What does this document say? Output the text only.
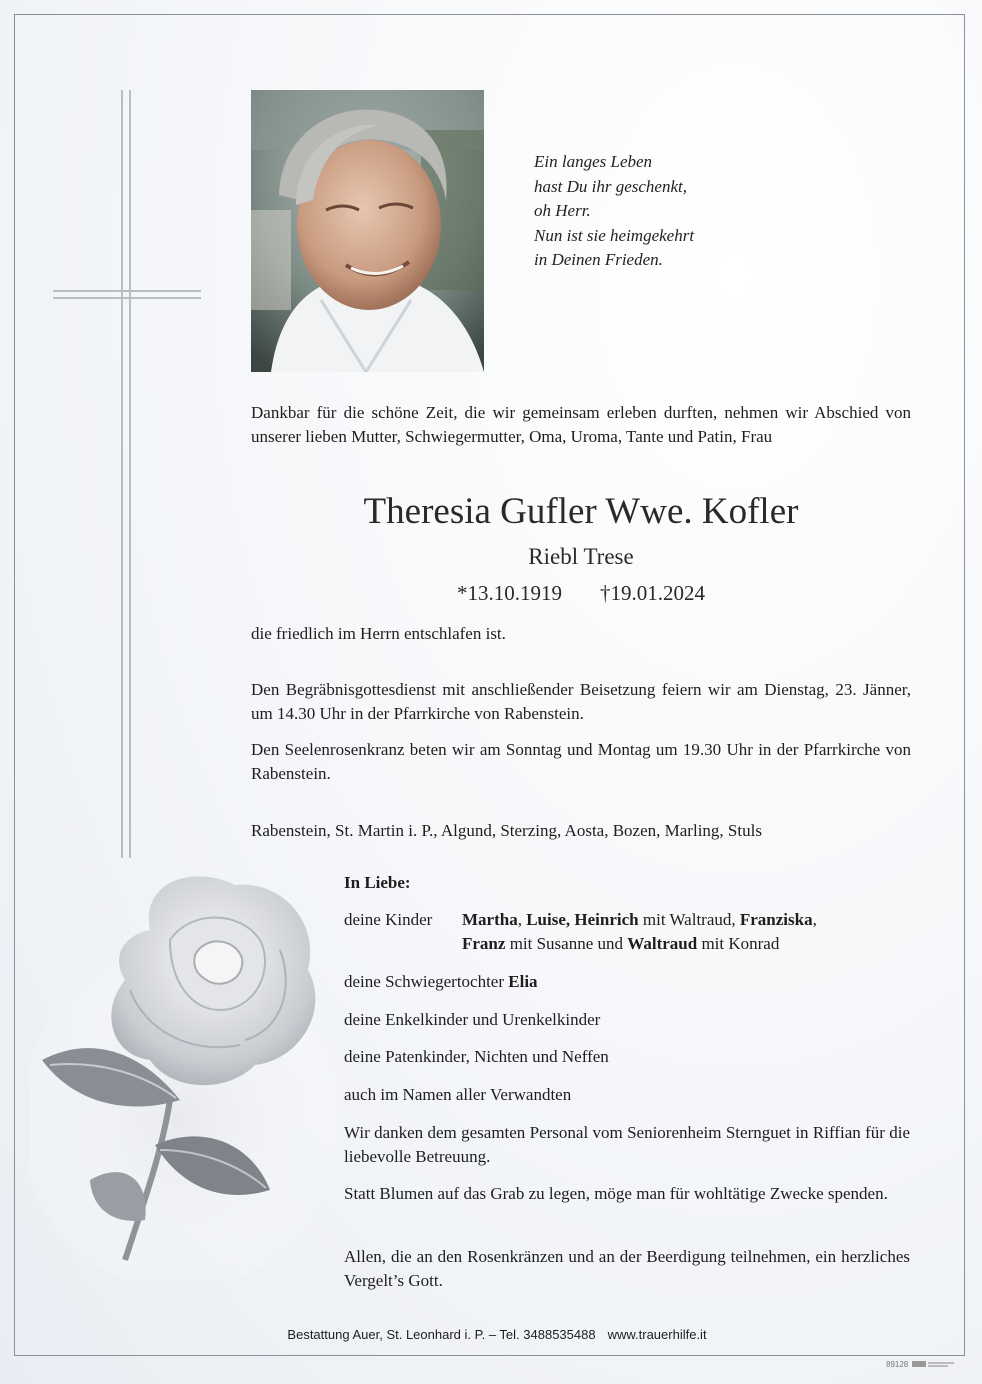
Ein langes Leben
hast Du ihr geschenkt,
oh Herr.
Nun ist sie heimgekehrt
in Deinen Frieden.
Dankbar für die schöne Zeit, die wir gemeinsam erleben durften, nehmen wir Abschied von unserer lieben Mutter, Schwiegermutter, Oma, Uroma, Tante und Patin, Frau
Theresia Gufler Wwe. Kofler
Riebl Trese
*13.10.1919 †19.01.2024
die friedlich im Herrn entschlafen ist.
Den Begräbnisgottesdienst mit anschließender Beisetzung feiern wir am Dienstag, 23. Jänner, um 14.30 Uhr in der Pfarrkirche von Rabenstein.
Den Seelenrosenkranz beten wir am Sonntag und Montag um 19.30 Uhr in der Pfarrkirche von Rabenstein.
Rabenstein, St. Martin i. P., Algund, Sterzing, Aosta, Bozen, Marling, Stuls
In Liebe:
deine Kinder Martha, Luise, Heinrich mit Waltraud, Franziska,
Franz mit Susanne und Waltraud mit Konrad
deine Schwiegertochter Elia
deine Enkelkinder und Urenkelkinder
deine Patenkinder, Nichten und Neffen
auch im Namen aller Verwandten
Wir danken dem gesamten Personal vom Seniorenheim Sternguet in Riffian für die liebevolle Betreuung.
Statt Blumen auf das Grab zu legen, möge man für wohltätige Zwecke spenden.
Allen, die an den Rosenkränzen und an der Beerdigung teilnehmen, ein herzliches Vergelt’s Gott.
Bestattung Auer, St. Leonhard i. P. – Tel. 3488535488 www.trauerhilfe.it
89128
